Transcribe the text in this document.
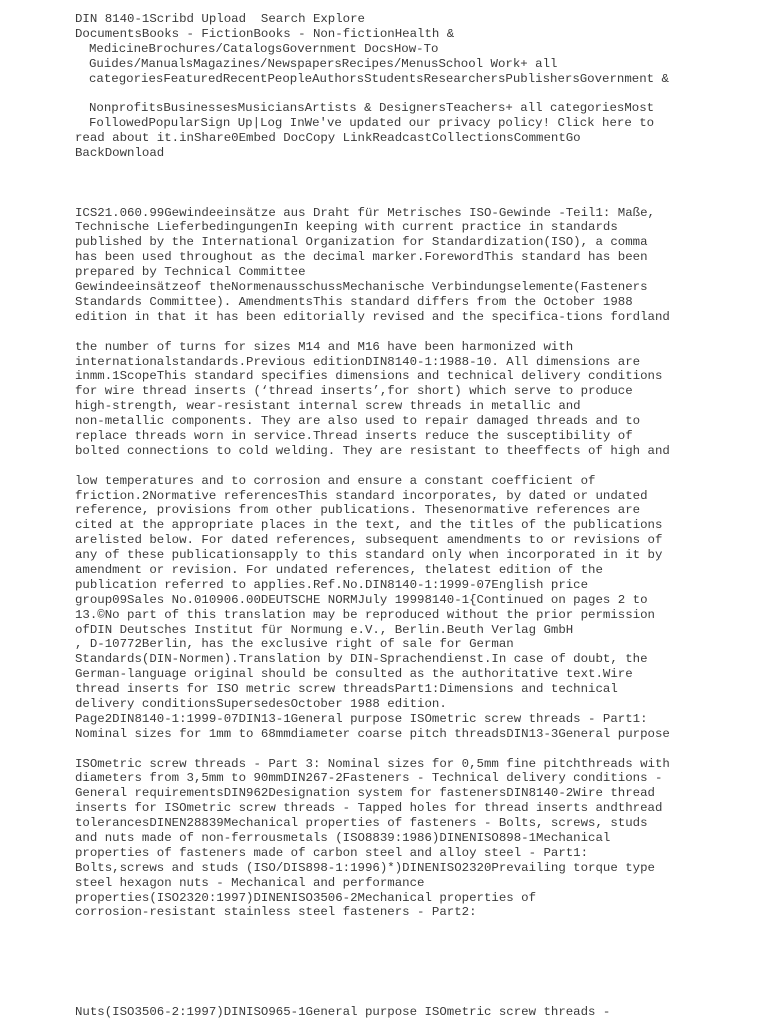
DIN 8140-1Scribd Upload  Search Explore
DocumentsBooks - FictionBooks - Non-fictionHealth &
MedicineBrochures/CatalogsGovernment DocsHow-To
Guides/ManualsMagazines/NewspapersRecipes/MenusSchool Work+ all
categoriesFeaturedRecentPeopleAuthorsStudentsResearchersPublishersGovernment &
NonprofitsBusinessesMusiciansArtists & DesignersTeachers+ all categoriesMost
FollowedPopularSign Up|Log InWe've updated our privacy policy! Click here to
read about it.inShare0Embed DocCopy LinkReadcastCollectionsCommentGo
BackDownload
ICS21.060.99Gewindeeinsätze aus Draht für Metrisches ISO-Gewinde -Teil1: Maße,
Technische LieferbedingungenIn keeping with current practice in standards
published by the International Organization for Standardization(ISO), a comma
has been used throughout as the decimal marker.ForewordThis standard has been
prepared by Technical Committee
Gewindeeinsätzeof theNormenausschussMechanische Verbindungselemente(Fasteners
Standards Committee). AmendmentsThis standard differs from the October 1988
edition in that it has been editorially revised and the specifica-tions fordland
the number of turns for sizes M14 and M16 have been harmonized with
internationalstandards.Previous editionDIN8140-1:1988-10. All dimensions are
inmm.1ScopeThis standard specifies dimensions and technical delivery conditions
for wire thread inserts (‘thread inserts’,for short) which serve to produce
high-strength, wear-resistant internal screw threads in metallic and
non-metallic components. They are also used to repair damaged threads and to
replace threads worn in service.Thread inserts reduce the susceptibility of
bolted connections to cold welding. They are resistant to theeffects of high and
low temperatures and to corrosion and ensure a constant coefficient of
friction.2Normative referencesThis standard incorporates, by dated or undated
reference, provisions from other publications. Thesenormative references are
cited at the appropriate places in the text, and the titles of the publications
arelisted below. For dated references, subsequent amendments to or revisions of
any of these publicationsapply to this standard only when incorporated in it by
amendment or revision. For undated references, thelatest edition of the
publication referred to applies.Ref.No.DIN8140-1:1999-07English price
group09Sales No.010906.00DEUTSCHE NORMJuly 19998140-1{Continued on pages 2 to
13.©No part of this translation may be reproduced without the prior permission
ofDIN Deutsches Institut für Normung e.V., Berlin.Beuth Verlag GmbH
, D-10772Berlin, has the exclusive right of sale for German
Standards(DIN-Normen).Translation by DIN-Sprachendienst.In case of doubt, the
German-language original should be consulted as the authoritative text.Wire
thread inserts for ISO metric screw threadsPart1:Dimensions and technical
delivery conditionsSupersedesOctober 1988 edition.
Page2DIN8140-1:1999-07DIN13-1General purpose ISOmetric screw threads - Part1:
Nominal sizes for 1mm to 68mmdiameter coarse pitch threadsDIN13-3General purpose
ISOmetric screw threads - Part 3: Nominal sizes for 0,5mm fine pitchthreads with
diameters from 3,5mm to 90mmDIN267-2Fasteners - Technical delivery conditions -
General requirementsDIN962Designation system for fastenersDIN8140-2Wire thread
inserts for ISOmetric screw threads - Tapped holes for thread inserts andthread
tolerancesDINEN28839Mechanical properties of fasteners - Bolts, screws, studs
and nuts made of non-ferrousmetals (ISO8839:1986)DINENISO898-1Mechanical
properties of fasteners made of carbon steel and alloy steel - Part1:
Bolts,screws and studs (ISO/DIS898-1:1996)*)DINENISO2320Prevailing torque type
steel hexagon nuts - Mechanical and performance
properties(ISO2320:1997)DINENISO3506-2Mechanical properties of
corrosion-resistant stainless steel fasteners - Part2:
Nuts(ISO3506-2:1997)DINISO965-1General purpose ISOmetric screw threads -
